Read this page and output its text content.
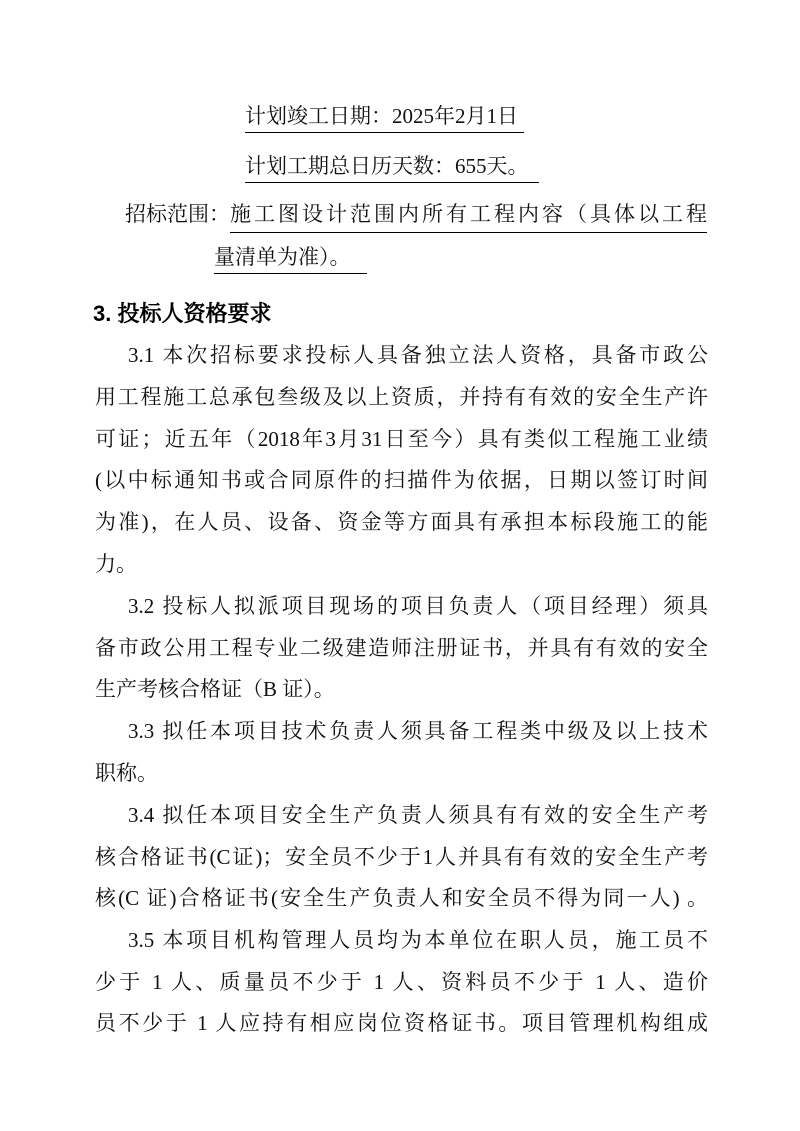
计划竣工日期：2025年2月1日
计划工期总日历天数：655天。
招标范围： 施工图设计范围内所有工程内容（具体以工程
量清单为准）。
3. 投标人资格要求
3.1 本次招标要求投标人具备独立法人资格，具备市政公
用工程施工总承包叁级及以上资质，并持有有效的安全生产许
可证；近五年（2018年3月31日至今）具有类似工程施工业绩
(以中标通知书或合同原件的扫描件为依据，日期以签订时间
为准)，在人员、设备、资金等方面具有承担本标段施工的能
力。
3.2 投标人拟派项目现场的项目负责人（项目经理）须具
备市政公用工程专业二级建造师注册证书，并具有有效的安全
生产考核合格证（B 证）。
3.3 拟任本项目技术负责人须具备工程类中级及以上技术
职称。
3.4 拟任本项目安全生产负责人须具有有效的安全生产考
核合格证书(C证)；安全员不少于1人并具有有效的安全生产考
核(C 证)合格证书(安全生产负责人和安全员不得为同一人) 。
3.5 本项目机构管理人员均为本单位在职人员，施工员不
少于 1 人、质量员不少于 1 人、资料员不少于 1 人、造价
员不少于 1 人应持有相应岗位资格证书。项目管理机构组成
